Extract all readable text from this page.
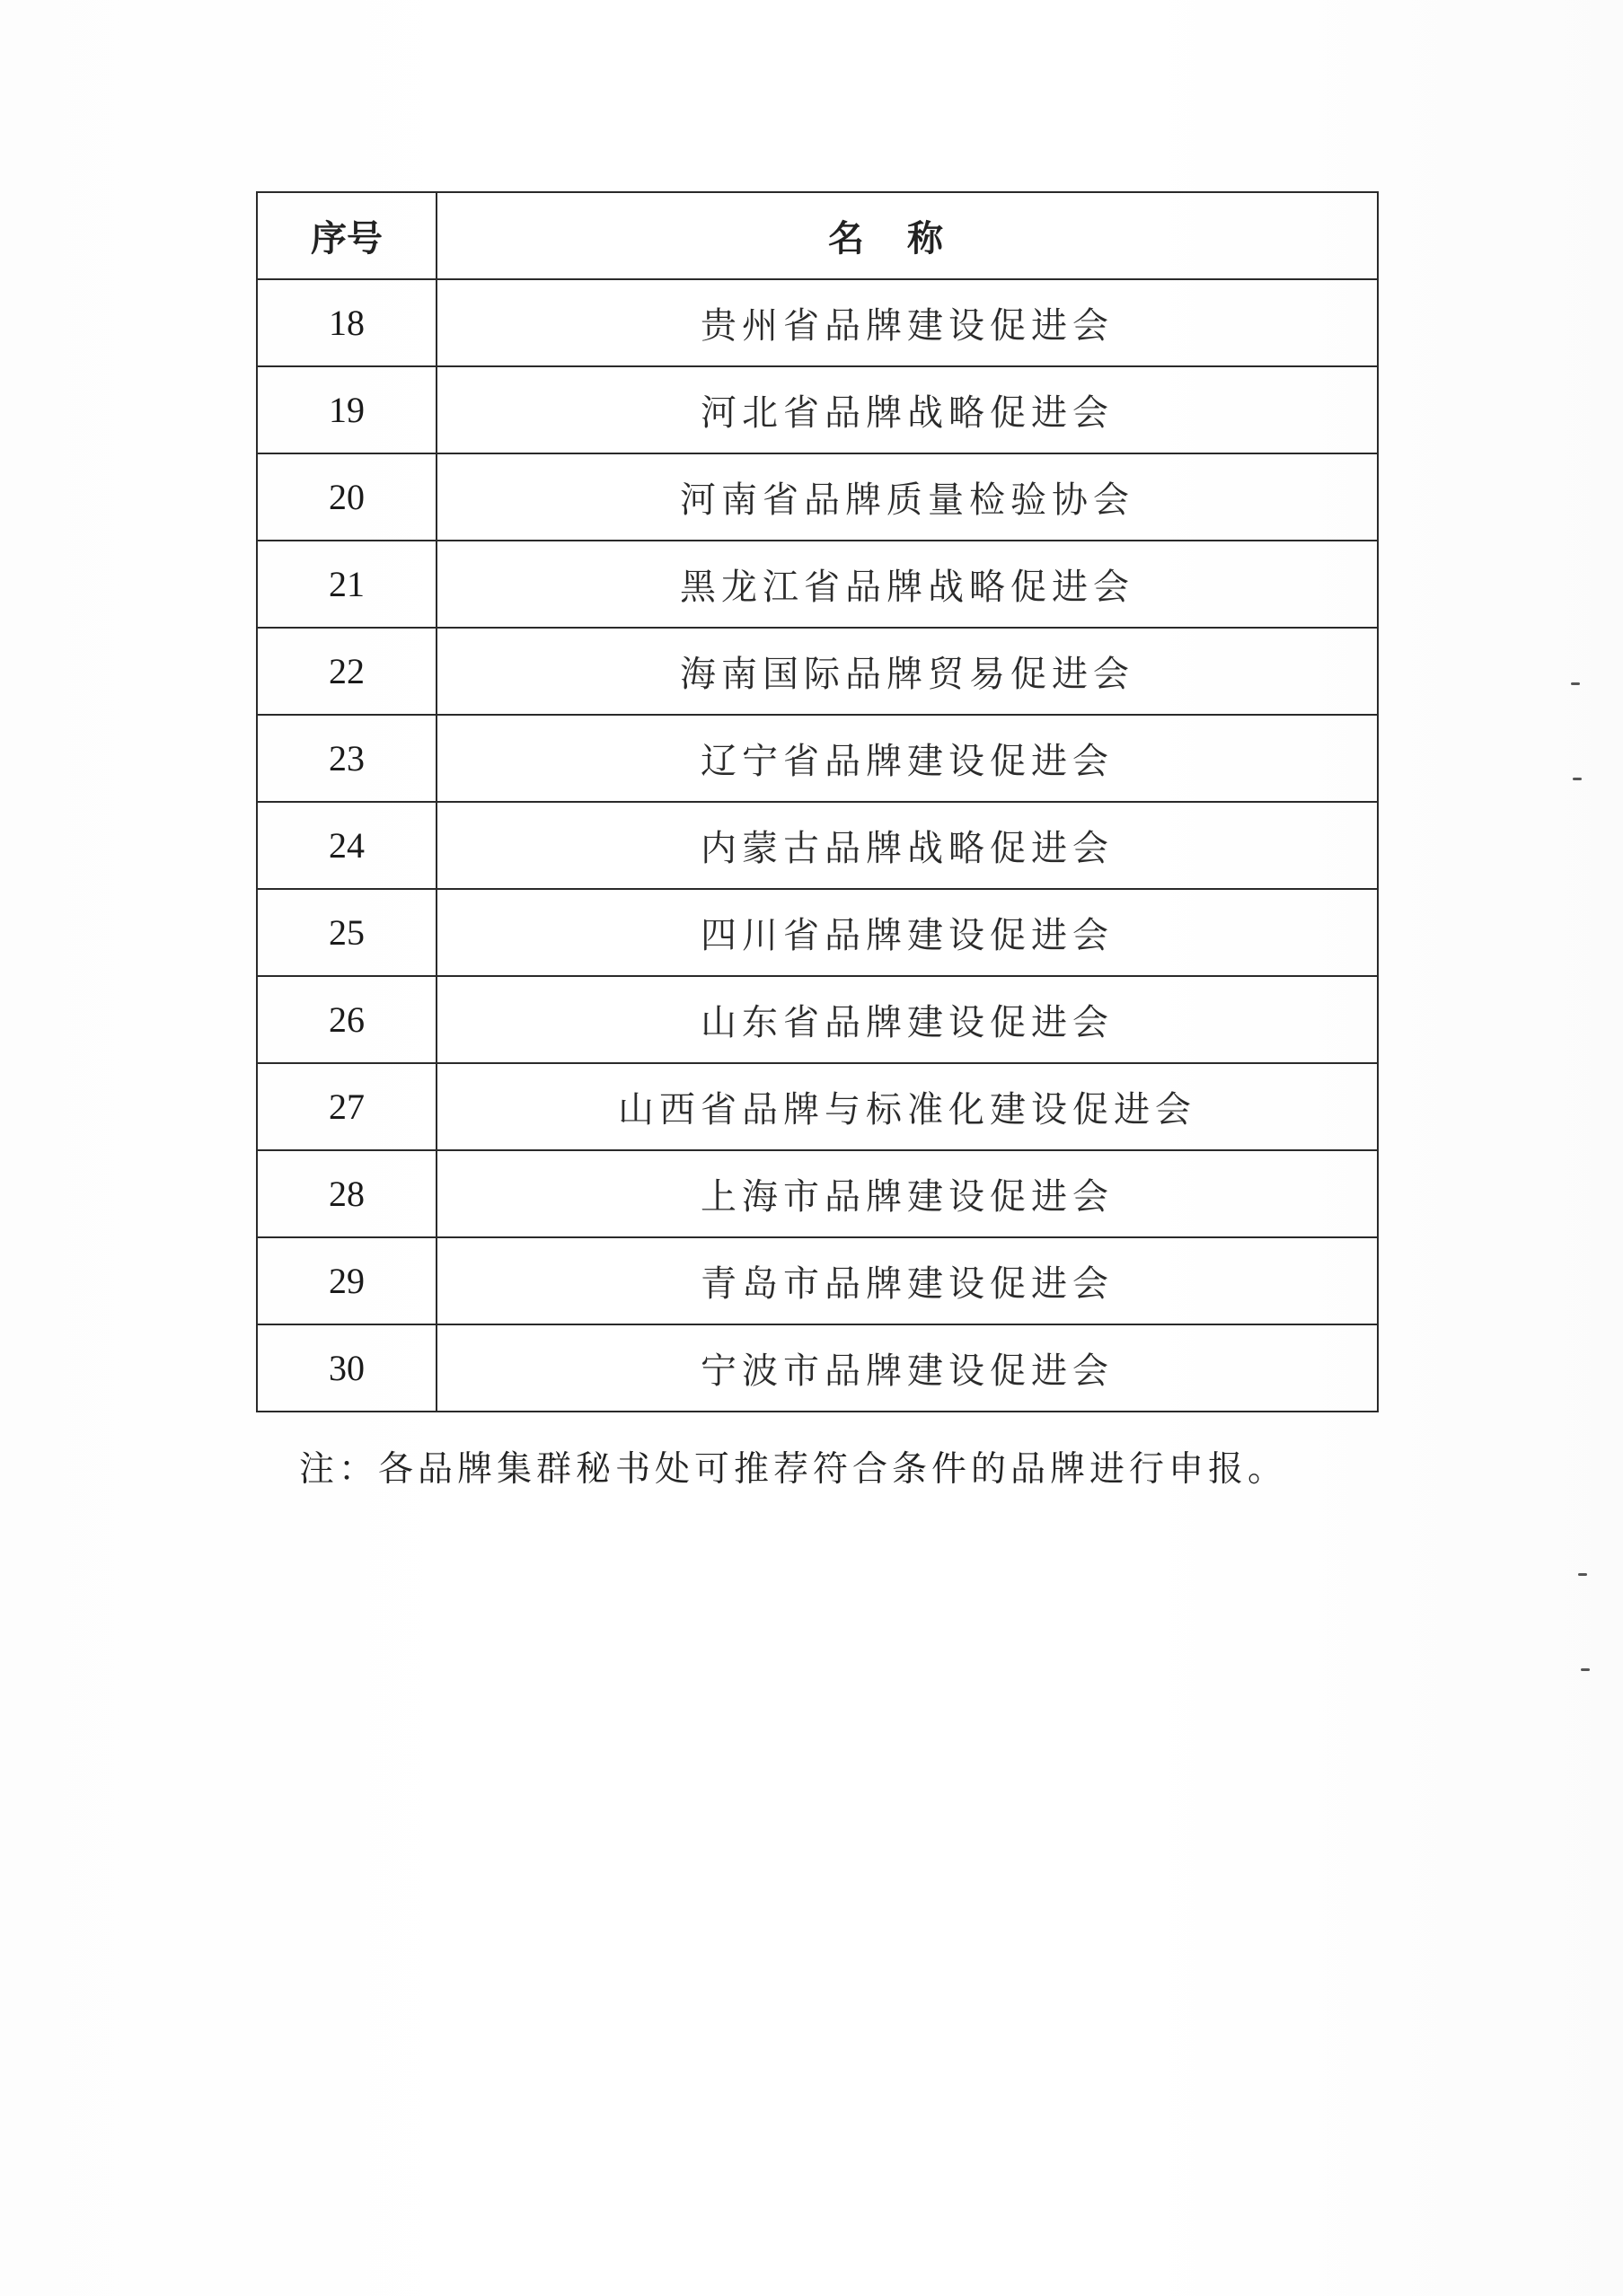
序号	名称
18	贵州省品牌建设促进会
19	河北省品牌战略促进会
20	河南省品牌质量检验协会
21	黑龙江省品牌战略促进会
22	海南国际品牌贸易促进会
23	辽宁省品牌建设促进会
24	内蒙古品牌战略促进会
25	四川省品牌建设促进会
26	山东省品牌建设促进会
27	山西省品牌与标准化建设促进会
28	上海市品牌建设促进会
29	青岛市品牌建设促进会
30	宁波市品牌建设促进会
注：各品牌集群秘书处可推荐符合条件的品牌进行申报。
